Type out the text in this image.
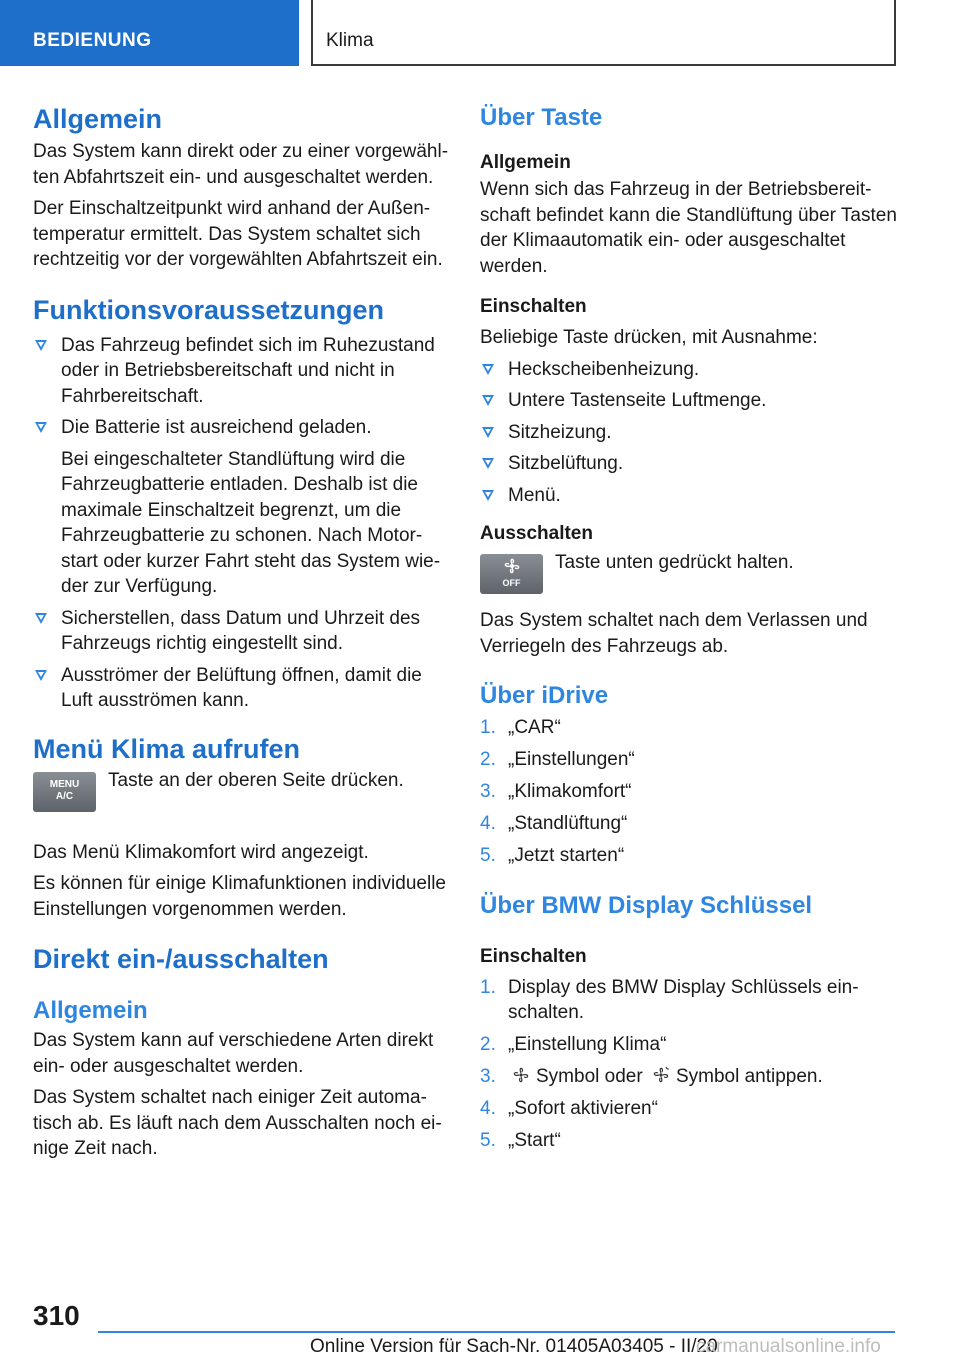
BEDIENUNG	Klima
Allgemein

Das System kann direkt oder zu einer vorgewählten Abfahrtszeit ein- und ausgeschaltet werden.

Der Einschaltzeitpunkt wird anhand der Außentemperatur ermittelt. Das System schaltet sich rechtzeitig vor der vorgewählten Abfahrtszeit ein.

Funktionsvoraussetzungen
Das Fahrzeug befindet sich im Ruhezustand oder in Betriebsbereitschaft und nicht in Fahrbereitschaft.
Die Batterie ist ausreichend geladen.
Bei eingeschalteter Standlüftung wird die Fahrzeugbatterie entladen. Deshalb ist die maximale Einschaltzeit begrenzt, um die Fahrzeugbatterie zu schonen. Nach Motorstart oder kurzer Fahrt steht das System wieder zur Verfügung.
Sicherstellen, dass Datum und Uhrzeit des Fahrzeugs richtig eingestellt sind.
Ausströmer der Belüftung öffnen, damit die Luft ausströmen kann.
Menü Klima aufrufen
MENU
A/C

Taste an der oberen Seite drücken.

Das Menü Klimakomfort wird angezeigt.

Es können für einige Klimafunktionen individuelle Einstellungen vorgenommen werden.

Direkt ein-/ausschalten
Allgemein

Das System kann auf verschiedene Arten direkt ein- oder ausgeschaltet werden.

Das System schaltet nach einiger Zeit automatisch ab. Es läuft nach dem Ausschalten noch einige Zeit nach.

Über Taste
Allgemein

Wenn sich das Fahrzeug in der Betriebsbereitschaft befindet kann die Standlüftung über Tasten der Klimaautomatik ein- oder ausgeschaltet werden.

Einschalten

Beliebige Taste drücken, mit Ausnahme:

Heckscheibenheizung.
Untere Tastenseite Luftmenge.
Sitzheizung.
Sitzbelüftung.
Menü.
Ausschalten
OFF

Taste unten gedrückt halten.

Das System schaltet nach dem Verlassen und Verriegeln des Fahrzeugs ab.

Über iDrive
1. „CAR“
2. „Einstellungen“
3. „Klimakomfort“
4. „Standlüftung“
5. „Jetzt starten“
Über BMW Display Schlüssel
Einschalten
1. Display des BMW Display Schlüssels einschalten.
2. „Einstellung Klima“
3. Symbol oder Symbol antippen.
4. „Sofort aktivieren“
5. „Start“
310
Online Version für Sach-Nr. 01405A03405 - II/20
carmanualsonline.info
